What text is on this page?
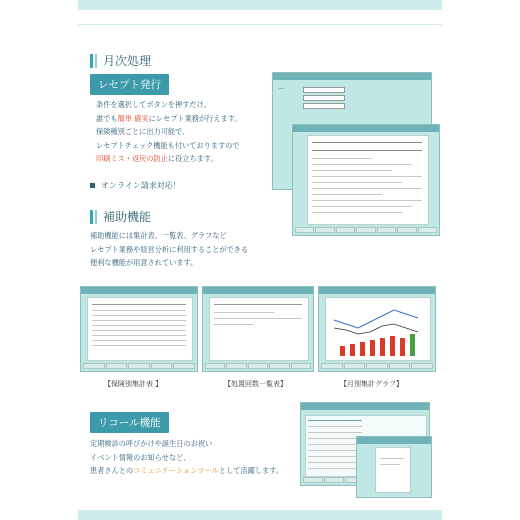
月次処理
レセプト発行
条件を選択してボタンを押すだけ。
誰でも簡単 確実にレセプト業務が行えます。
保険種別ごとに出力可能で、
レセプトチェック機能も付いておりますので
印刷ミス・返戻の防止に役立ちます。
オンライン請求対応！
──
補助機能
補助機能には集計表、一覧表、グラフなど
レセプト業務や経営分析に利用することができる
便利な機能が用意されています。
【保険別集計表 】	【処置回数一覧表】	【月別集計グラフ】
リコール機能
定期検診の呼びかけや誕生日のお祝い
イベント情報のお知らせなど、
患者さんとのコミュニケーションツールとして活躍します。
